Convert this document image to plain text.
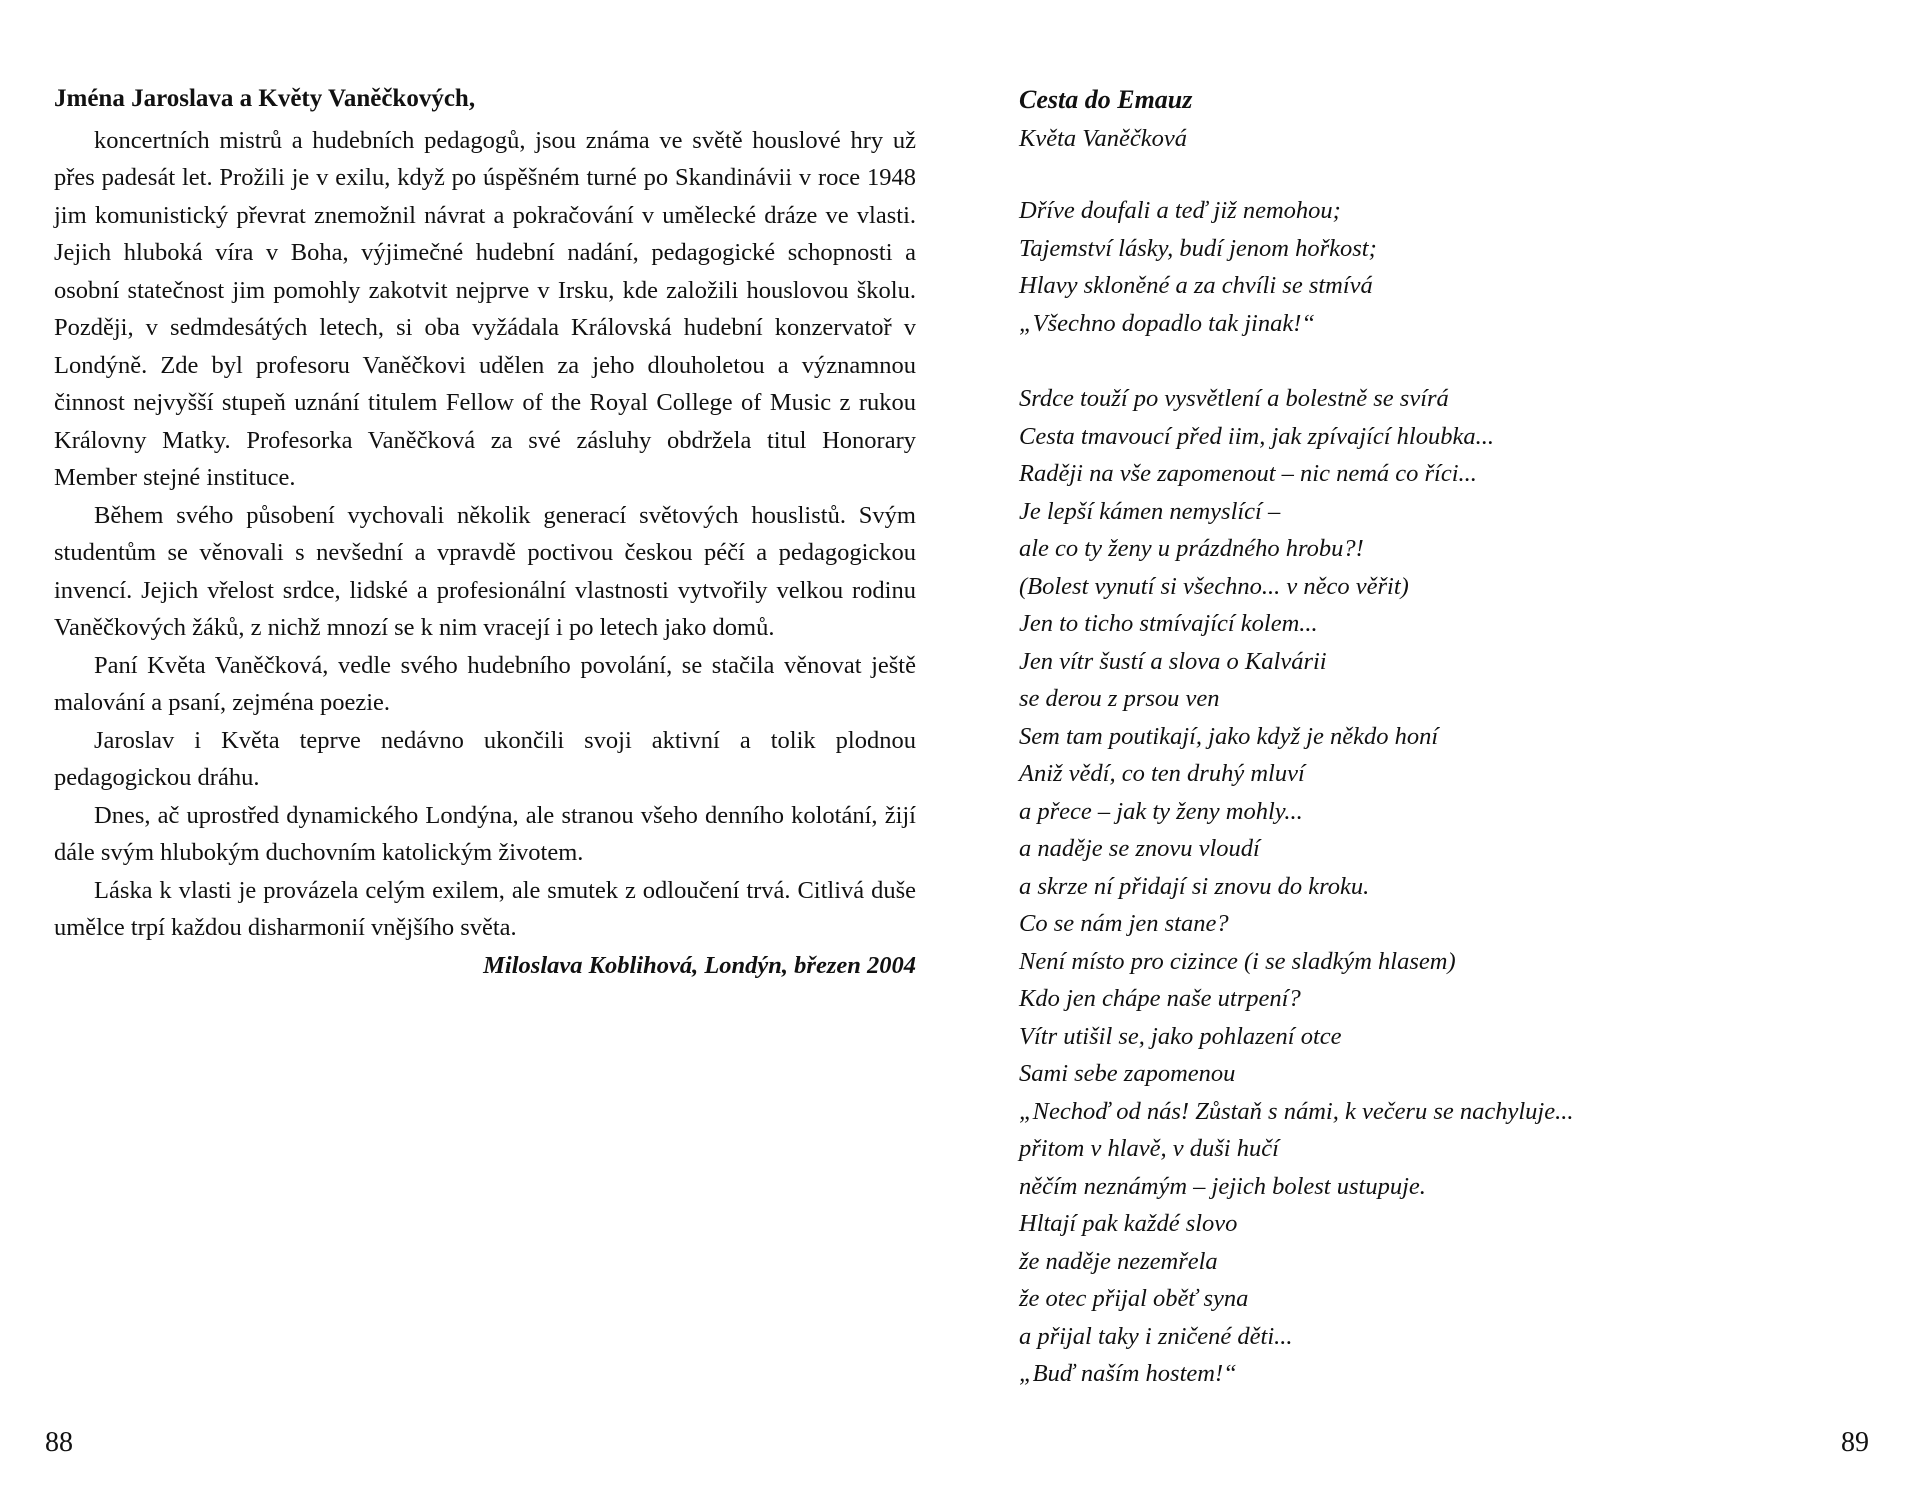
Jména Jaroslava a Květy Vaněčkových,

koncertních mistrů a hudebních pedagogů, jsou známa ve světě houslové hry už přes padesát let. Prožili je v exilu, když po úspěšném turné po Skandinávii v roce 1948 jim komunistický převrat znemožnil návrat a pokračování v umělecké dráze ve vlasti. Jejich hluboká víra v Boha, výjimečné hudební nadání, pedagogické schopnosti a osobní statečnost jim pomohly zakotvit nejprve v Irsku, kde založili houslovou školu. Později, v sedmdesátých letech, si oba vyžádala Královská hudební konzervatoř v Londýně. Zde byl profesoru Vaněčkovi udělen za jeho dlouholetou a významnou činnost nejvyšší stupeň uznání titulem Fellow of the Royal College of Music z rukou Královny Matky. Profesorka Vaněčková za své zásluhy obdržela titul Honorary Member stejné instituce.

Během svého působení vychovali několik generací světových houslistů. Svým studentům se věnovali s nevšední a vpravdě poctivou českou péčí a pedagogickou invencí. Jejich vřelost srdce, lidské a profesionální vlastnosti vytvořily velkou rodinu Vaněčkových žáků, z nichž mnozí se k nim vracejí i po letech jako domů.

Paní Květa Vaněčková, vedle svého hudebního povolání, se stačila věnovat ještě malování a psaní, zejména poezie.

Jaroslav i Květa teprve nedávno ukončili svoji aktivní a tolik plodnou pedagogickou dráhu.

Dnes, ač uprostřed dynamického Londýna, ale stranou všeho denního kolotání, žijí dále svým hlubokým duchovním katolickým životem.

Láska k vlasti je provázela celým exilem, ale smutek z odloučení trvá. Citlivá duše umělce trpí každou disharmonií vnějšího světa.

Miloslava Koblihová, Londýn, březen 2004
88
Cesta do Emauz
Květa Vaněčková
Dříve doufali a teď již nemohou;
Tajemství lásky, budí jenom hořkost;
Hlavy skloněné a za chvíli se stmívá
„Všechno dopadlo tak jinak!“
Srdce touží po vysvětlení a bolestně se svírá
Cesta tmavoucí před iim, jak zpívající hloubka...
Raději na vše zapomenout – nic nemá co říci...
Je lepší kámen nemyslící –
ale co ty ženy u prázdného hrobu?!
(Bolest vynutí si všechno... v něco věřit)
Jen to ticho stmívající kolem...
Jen vítr šustí a slova o Kalvárii
se derou z prsou ven
Sem tam poutikají, jako když je někdo honí
Aniž vědí, co ten druhý mluví
a přece – jak ty ženy mohly...
a naděje se znovu vloudí
a skrze ní přidají si znovu do kroku.
Co se nám jen stane?
Není místo pro cizince (i se sladkým hlasem)
Kdo jen chápe naše utrpení?
Vítr utišil se, jako pohlazení otce
Sami sebe zapomenou
„Nechoď od nás! Zůstaň s námi, k večeru se nachyluje...
přitom v hlavě, v duši hučí
něčím neznámým – jejich bolest ustupuje.
Hltají pak každé slovo
že naděje nezemřela
že otec přijal oběť syna
a přijal taky i zničené děti...
„Buď naším hostem!“
89
